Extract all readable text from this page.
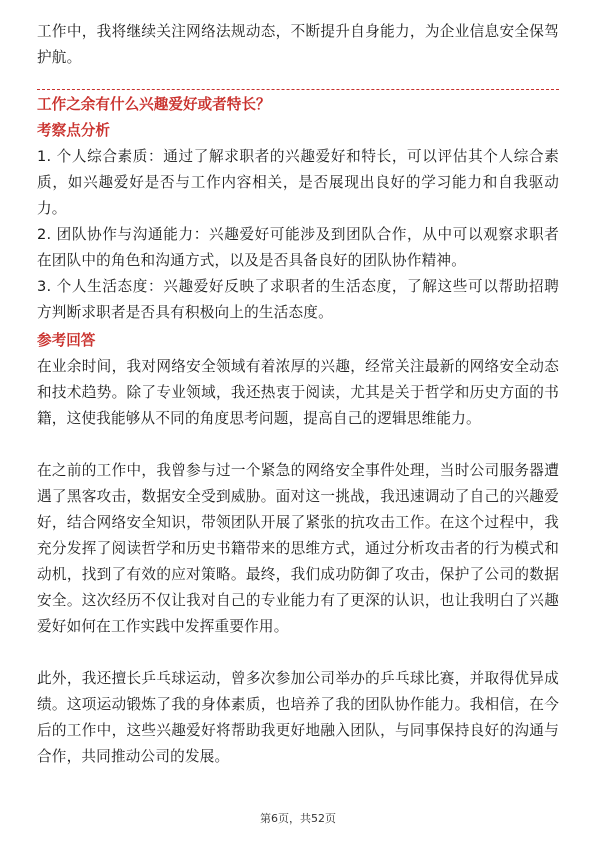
工作中，我将继续关注网络法规动态，不断提升自身能力，为企业信息安全保驾护航。

工作之余有什么兴趣爱好或者特长？
考察点分析

1. 个人综合素质：通过了解求职者的兴趣爱好和特长，可以评估其个人综合素质，如兴趣爱好是否与工作内容相关，是否展现出良好的学习能力和自我驱动力。

2. 团队协作与沟通能力：兴趣爱好可能涉及到团队合作，从中可以观察求职者在团队中的角色和沟通方式，以及是否具备良好的团队协作精神。

3. 个人生活态度：兴趣爱好反映了求职者的生活态度，了解这些可以帮助招聘方判断求职者是否具有积极向上的生活态度。

参考回答

在业余时间，我对网络安全领域有着浓厚的兴趣，经常关注最新的网络安全动态和技术趋势。除了专业领域，我还热衷于阅读，尤其是关于哲学和历史方面的书籍，这使我能够从不同的角度思考问题，提高自己的逻辑思维能力。

在之前的工作中，我曾参与过一个紧急的网络安全事件处理，当时公司服务器遭遇了黑客攻击，数据安全受到威胁。面对这一挑战，我迅速调动了自己的兴趣爱好，结合网络安全知识，带领团队开展了紧张的抗攻击工作。在这个过程中，我充分发挥了阅读哲学和历史书籍带来的思维方式，通过分析攻击者的行为模式和动机，找到了有效的应对策略。最终，我们成功防御了攻击，保护了公司的数据安全。这次经历不仅让我对自己的专业能力有了更深的认识，也让我明白了兴趣爱好如何在工作实践中发挥重要作用。

此外，我还擅长乒乓球运动，曾多次参加公司举办的乒乓球比赛，并取得优异成绩。这项运动锻炼了我的身体素质，也培养了我的团队协作能力。我相信，在今后的工作中，这些兴趣爱好将帮助我更好地融入团队，与同事保持良好的沟通与合作，共同推动公司的发展。

第6页，共52页
